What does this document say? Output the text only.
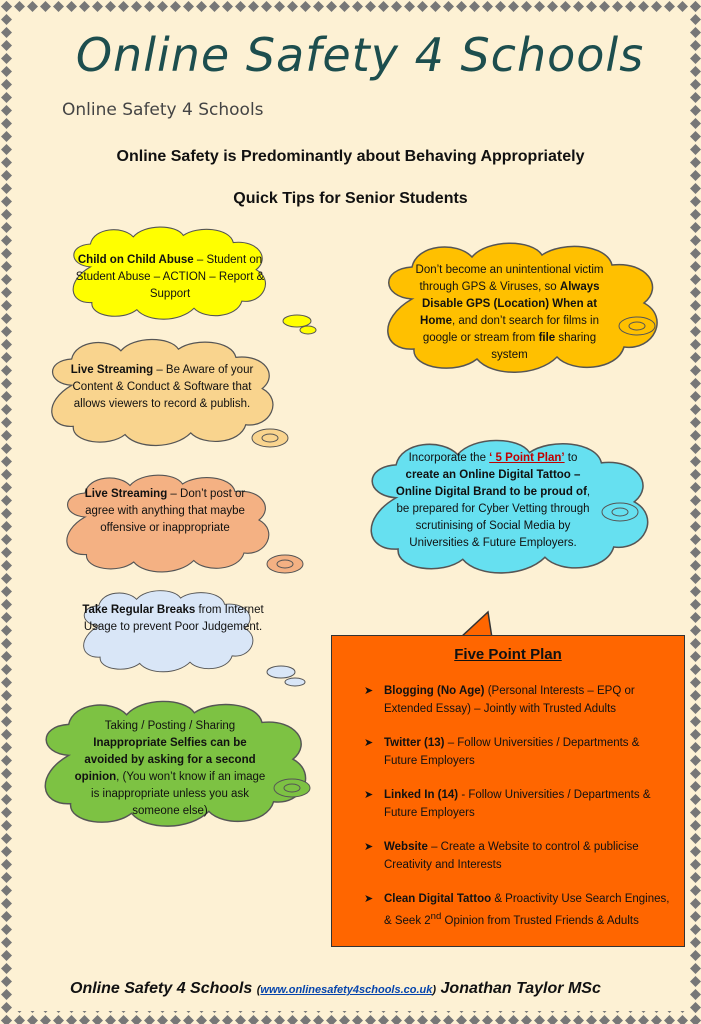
Online Safety 4 Schools
Online Safety 4 Schools
Online Safety is Predominantly about Behaving Appropriately
Quick Tips for Senior Students
Child on Child Abuse – Student on Student Abuse – ACTION – Report & Support
Live Streaming – Be Aware of your Content & Conduct & Software that allows viewers to record & publish.
Live Streaming – Don’t post or agree with anything that maybe offensive or inappropriate
Take Regular Breaks from Internet Usage to prevent Poor Judgement.
Taking / Posting / Sharing Inappropriate Selfies can be avoided by asking for a second opinion, (You won’t know if an image is inappropriate unless you ask someone else)
Don’t become an unintentional victim through GPS & Viruses, so Always Disable GPS (Location) When at Home, and don’t search for films in google or stream from file sharing system
Incorporate the ‘ 5 Point Plan’ to create an Online Digital Tattoo – Online Digital Brand to be proud of, be prepared for Cyber Vetting through scrutinising of Social Media by Universities & Future Employers.
Five Point Plan
➤ Blogging (No Age) (Personal Interests – EPQ or Extended Essay) – Jointly with Trusted Adults
➤ Twitter (13) – Follow Universities / Departments & Future Employers
➤ Linked In (14) - Follow Universities / Departments & Future Employers
➤ Website – Create a Website to control & publicise Creativity and Interests
➤ Clean Digital Tattoo & Proactivity Use Search Engines, & Seek 2nd Opinion from Trusted Friends & Adults
Online Safety 4 Schools (www.onlinesafety4schools.co.uk) Jonathan Taylor MSc
